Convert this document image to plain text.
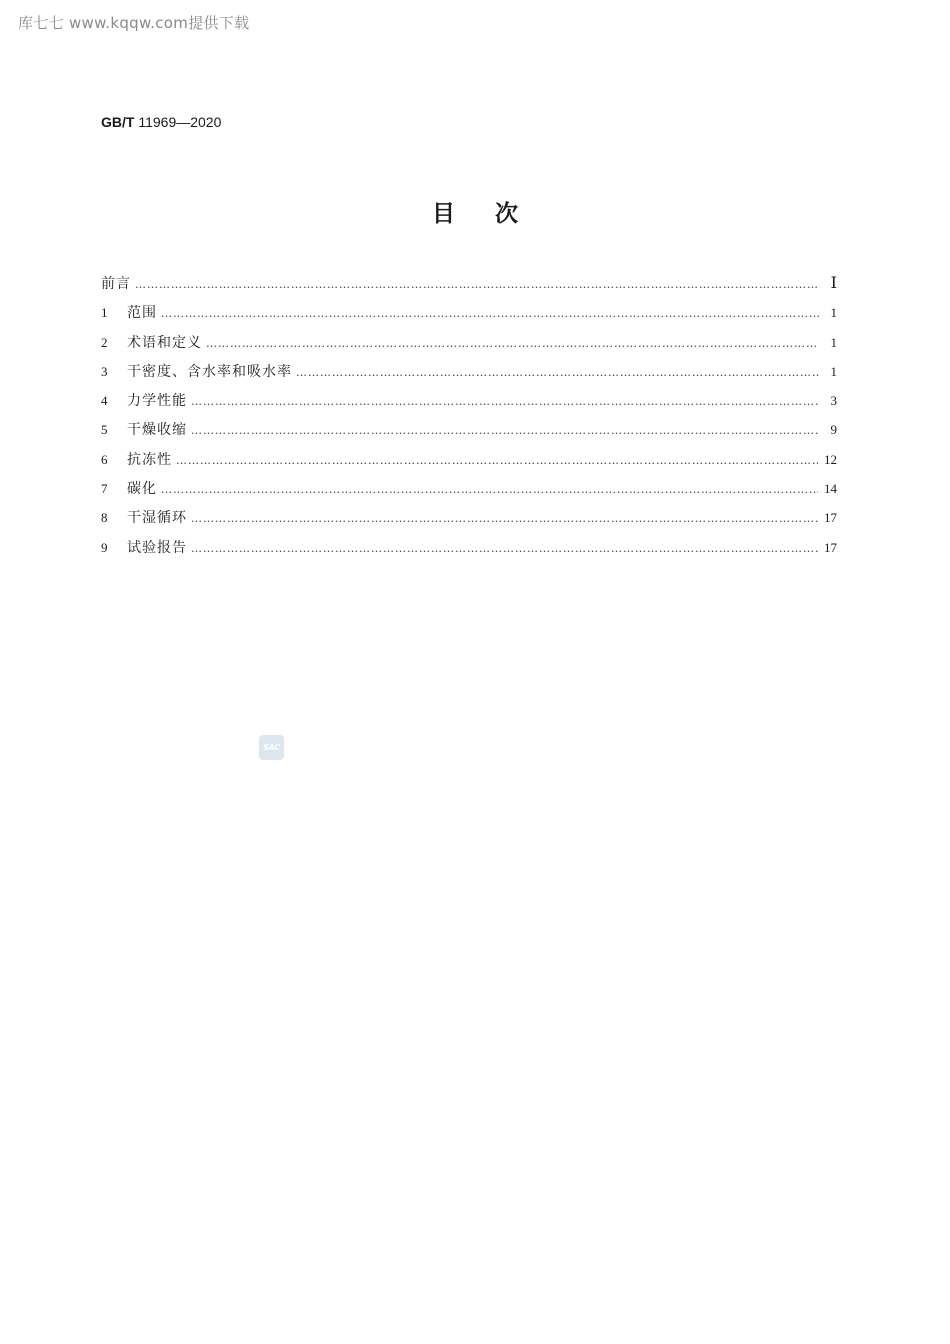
库七七 www.kqqw.com提供下载
GB/T 11969—2020
目 次
前言 ……………………………………………………………………………………………………………………………………………………………………………………………………	Ⅰ
1	范围 ……………………………………………………………………………………………………………………………………………………………………………………………………	1
2	术语和定义 ……………………………………………………………………………………………………………………………………………………………………………………………………	1
3	干密度、含水率和吸水率 ……………………………………………………………………………………………………………………………………………………………………………………………………	1
4	力学性能 ……………………………………………………………………………………………………………………………………………………………………………………………………	3
5	干燥收缩 ……………………………………………………………………………………………………………………………………………………………………………………………………	9
6	抗冻性 ……………………………………………………………………………………………………………………………………………………………………………………………………	12
7	碳化 ……………………………………………………………………………………………………………………………………………………………………………………………………	14
8	干湿循环 ……………………………………………………………………………………………………………………………………………………………………………………………………	17
9	试验报告 ……………………………………………………………………………………………………………………………………………………………………………………………………	17
SAC
